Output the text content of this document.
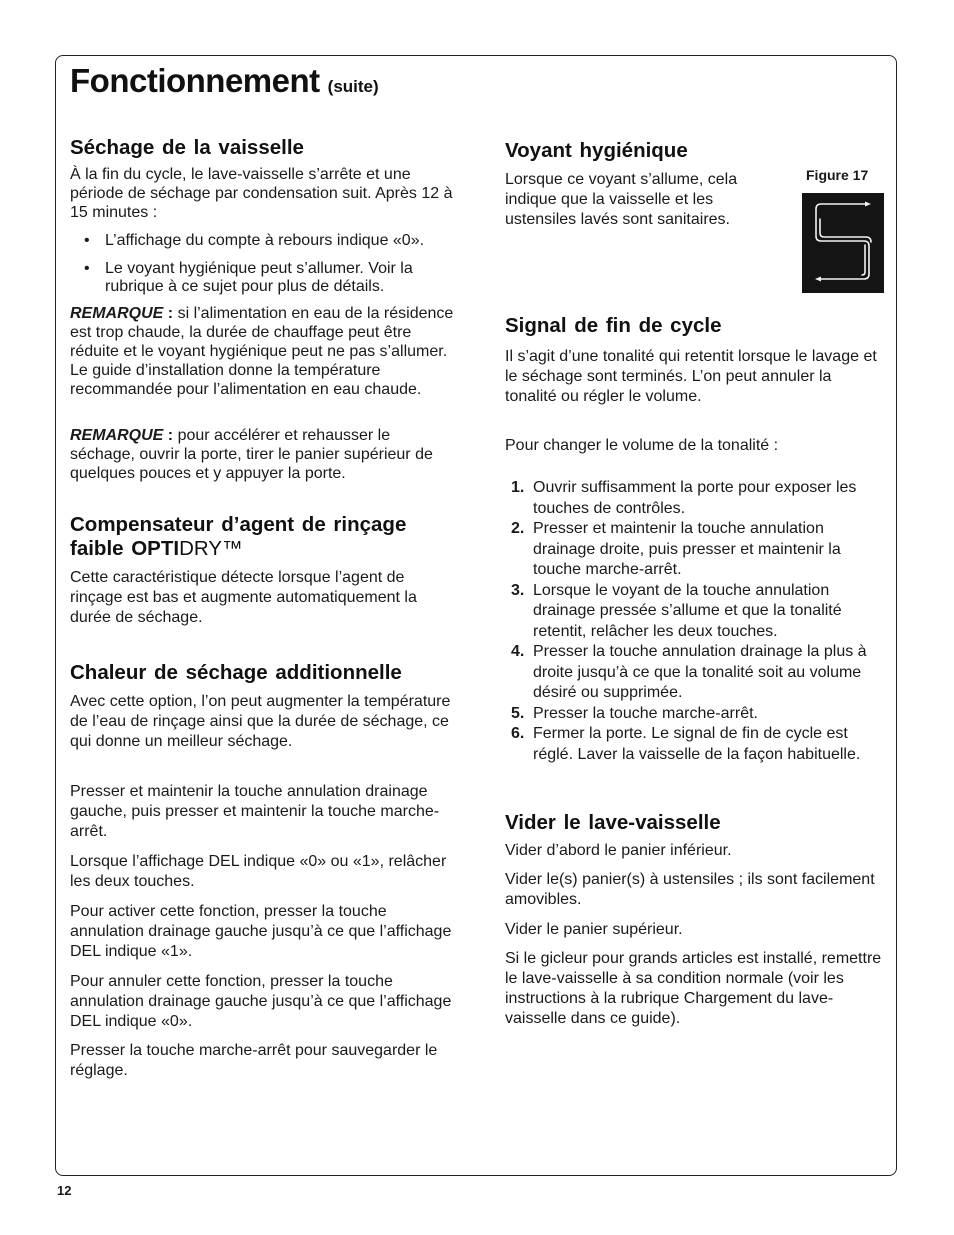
Fonctionnement (suite)
Séchage de la vaisselle

À la fin du cycle, le lave-vaisselle s’arrête et une période de séchage par condensation suit. Après 12 à 15 minutes :

• L’affichage du compte à rebours indique «0».
• Le voyant hygiénique peut s’allumer. Voir la rubrique à ce sujet pour plus de détails.

REMARQUE : si l’alimentation en eau de la résidence est trop chaude, la durée de chauffage peut être réduite et le voyant hygiénique peut ne pas s’allumer. Le guide d’installation donne la température recommandée pour l’alimentation en eau chaude.

REMARQUE : pour accélérer et rehausser le séchage, ouvrir la porte, tirer le panier supérieur de quelques pouces et y appuyer la porte.

Compensateur d’agent de rinçage faible OPTIDRY™

Cette caractéristique détecte lorsque l’agent de rinçage est bas et augmente automatiquement la durée de séchage.

Chaleur de séchage additionnelle

Avec cette option, l’on peut augmenter la température de l’eau de rinçage ainsi que la durée de séchage, ce qui donne un meilleur séchage.

Presser et maintenir la touche annulation drainage gauche, puis presser et maintenir la touche marche-arrêt.

Lorsque l’affichage DEL indique «0» ou «1», relâcher les deux touches.

Pour activer cette fonction, presser la touche annulation drainage gauche jusqu’à ce que l’affichage DEL indique «1».

Pour annuler cette fonction, presser la touche annulation drainage gauche jusqu’à ce que l’affichage DEL indique «0».

Presser la touche marche-arrêt pour sauvegarder le réglage.

Voyant hygiénique

Lorsque ce voyant s’allume, cela indique que la vaisselle et les ustensiles lavés sont sanitaires.

Signal de fin de cycle

Il s’agit d’une tonalité qui retentit lorsque le lavage et le séchage sont terminés. L’on peut annuler la tonalité ou régler le volume.

Pour changer le volume de la tonalité :

1. Ouvrir suffisamment la porte pour exposer les touches de contrôles.
2. Presser et maintenir la touche annulation drainage droite, puis presser et maintenir la touche marche-arrêt.
3. Lorsque le voyant de la touche annulation drainage pressée s’allume et que la tonalité retentit, relâcher les deux touches.
4. Presser la touche annulation drainage la plus à droite jusqu’à ce que la tonalité soit au volume désiré ou supprimée.
5. Presser la touche marche-arrêt.
6. Fermer la porte. Le signal de fin de cycle est réglé. Laver la vaisselle de la façon habituelle.
Vider le lave-vaisselle

Vider d’abord le panier inférieur.

Vider le(s) panier(s) à ustensiles ; ils sont facilement amovibles.

Vider le panier supérieur.

Si le gicleur pour grands articles est installé, remettre le lave-vaisselle à sa condition normale (voir les instructions à la rubrique Chargement du lave-vaisselle dans ce guide).

Figure 17
12
